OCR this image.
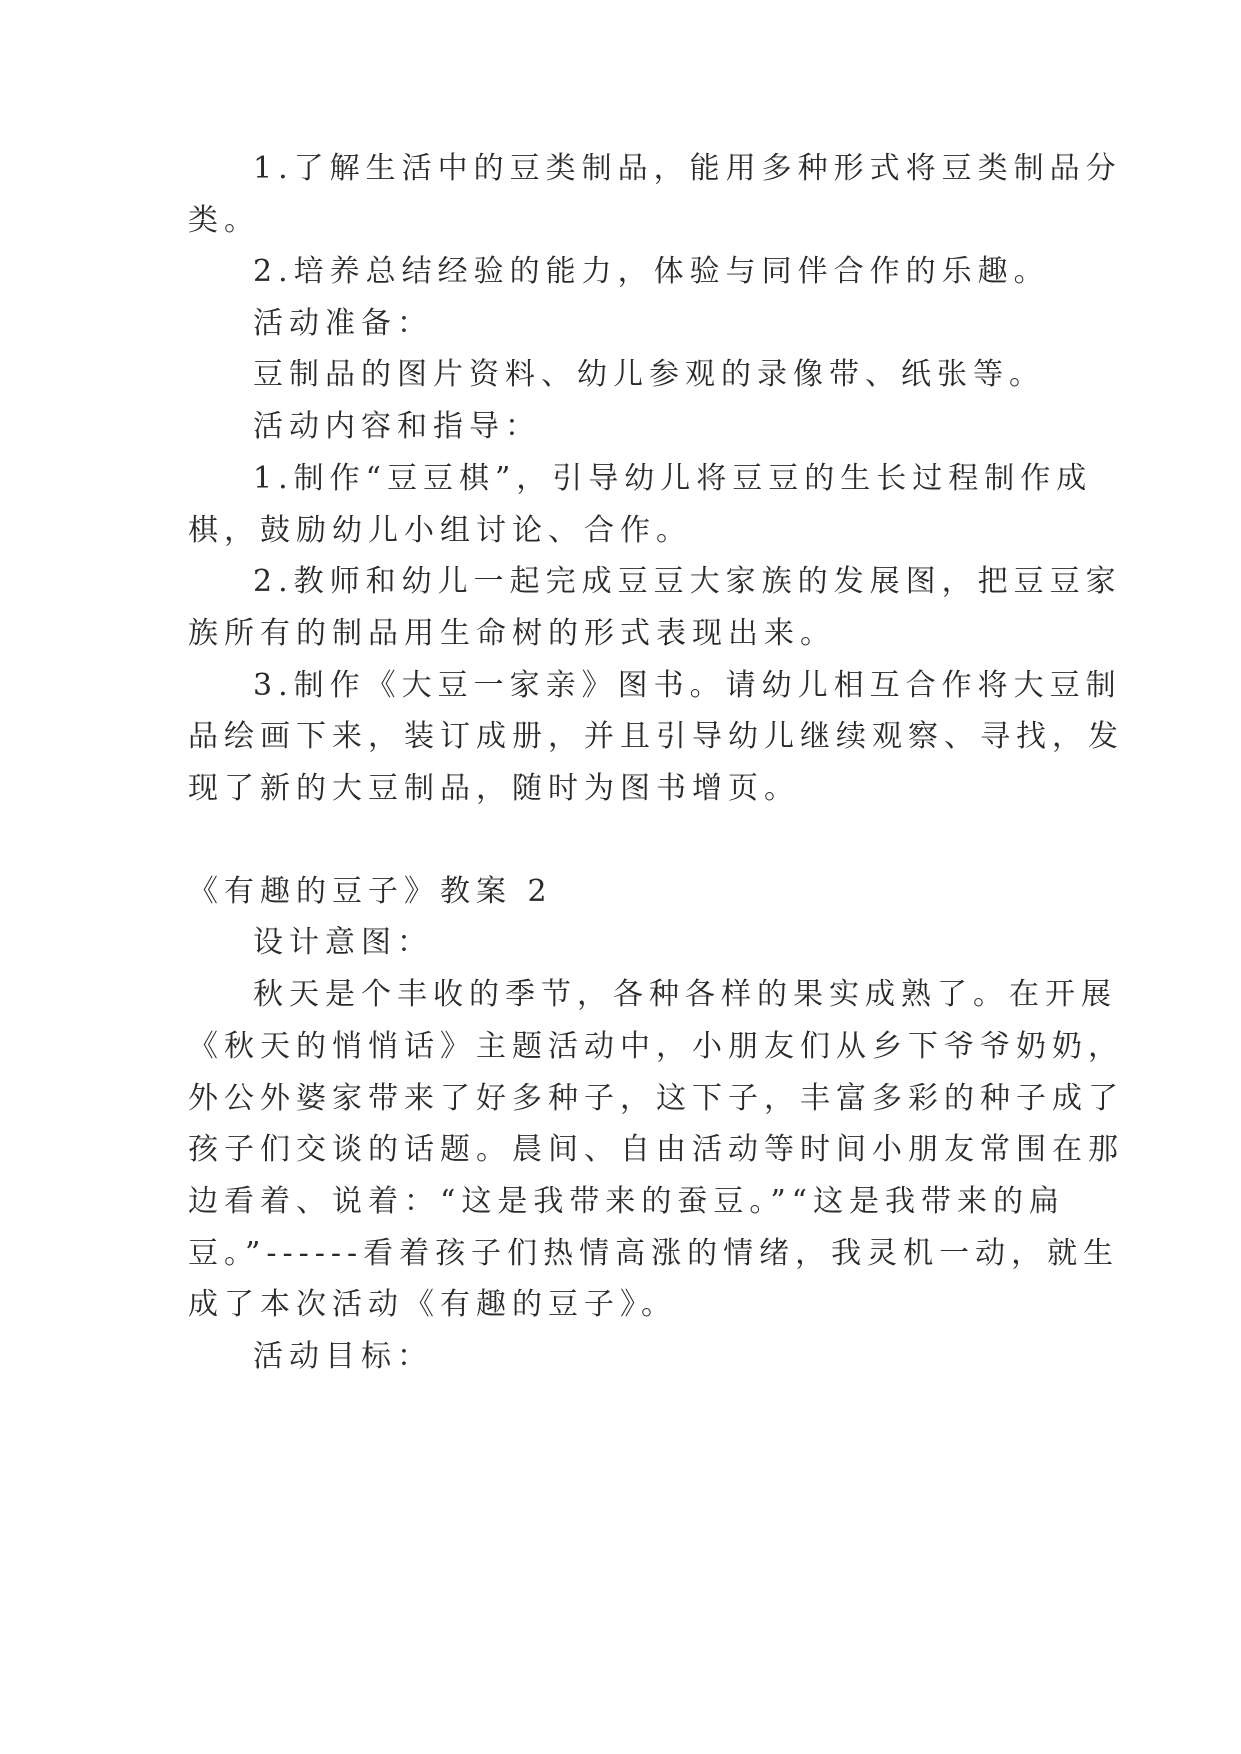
1.了解生活中的豆类制品，能用多种形式将豆类制品分
类。
2.培养总结经验的能力，体验与同伴合作的乐趣。
活动准备：
豆制品的图片资料、幼儿参观的录像带、纸张等。
活动内容和指导：
1.制作“豆豆棋”，引导幼儿将豆豆的生长过程制作成
棋，鼓励幼儿小组讨论、合作。
2.教师和幼儿一起完成豆豆大家族的发展图，把豆豆家
族所有的制品用生命树的形式表现出来。
3.制作《大豆一家亲》图书。请幼儿相互合作将大豆制
品绘画下来，装订成册，并且引导幼儿继续观察、寻找，发
现了新的大豆制品，随时为图书增页。
《有趣的豆子》教案 2
设计意图：
秋天是个丰收的季节，各种各样的果实成熟了。在开展
《秋天的悄悄话》主题活动中，小朋友们从乡下爷爷奶奶，
外公外婆家带来了好多种子，这下子，丰富多彩的种子成了
孩子们交谈的话题。晨间、自由活动等时间小朋友常围在那
边看着、说着：“这是我带来的蚕豆。”“这是我带来的扁
豆。”------看着孩子们热情高涨的情绪，我灵机一动，就生
成了本次活动《有趣的豆子》。
活动目标：
